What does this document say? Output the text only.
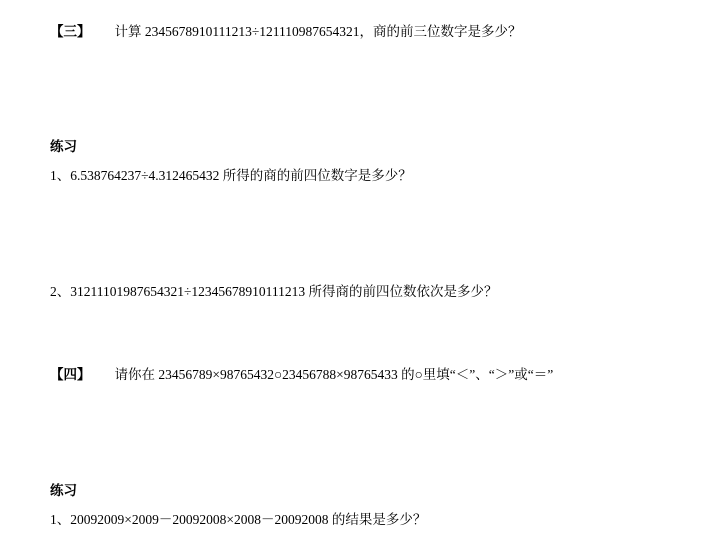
【三】 计算 2345678910111213÷121110987654321，商的前三位数字是多少？
练习
1、6.538764237÷4.312465432 所得的商的前四位数字是多少？
2、31211101987654321÷12345678910111213 所得商的前四位数依次是多少？
【四】 请你在 23456789×98765432○23456788×98765433 的○里填“＜”、“＞”或“＝”
练习
1、20092009×2009－20092008×2008－20092008 的结果是多少？
